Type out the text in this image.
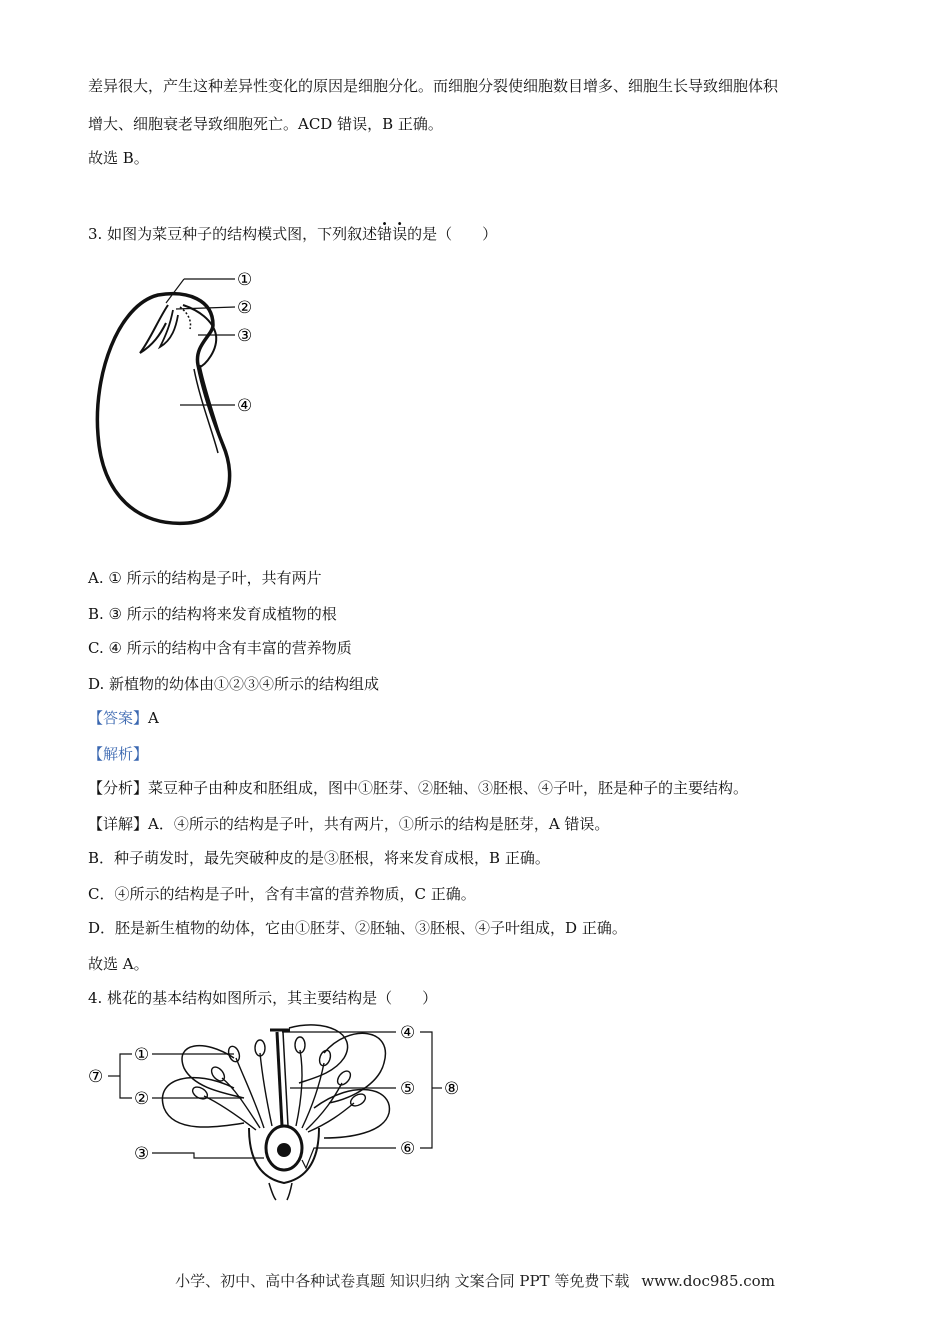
差异很大，产生这种差异性变化的原因是细胞分化。而细胞分裂使细胞数目增多、细胞生长导致细胞体积
增大、细胞衰老导致细胞死亡。ACD 错误，B 正确。
故选 B。
3. 如图为菜豆种子的结构模式图，下列叙述错误的是（　　）
①
②
③
④
A. ① 所示的结构是子叶，共有两片
B. ③ 所示的结构将来发育成植物的根
C. ④ 所示的结构中含有丰富的营养物质
D. 新植物的幼体由①②③④所示的结构组成
【答案】A
【解析】
【分析】菜豆种子由种皮和胚组成，图中①胚芽、②胚轴、③胚根、④子叶，胚是种子的主要结构。
【详解】A．④所示的结构是子叶，共有两片，①所示的结构是胚芽，A 错误。
B．种子萌发时，最先突破种皮的是③胚根，将来发育成根，B 正确。
C．④所示的结构是子叶，含有丰富的营养物质，C 正确。
D．胚是新生植物的幼体，它由①胚芽、②胚轴、③胚根、④子叶组成，D 正确。
故选 A。
4. 桃花的基本结构如图所示，其主要结构是（　　）
①
②
③
⑦
④
⑤
⑥
⑧
小学、初中、高中各种试卷真题 知识归纳 文案合同 PPT 等免费下载 www.doc985.com
